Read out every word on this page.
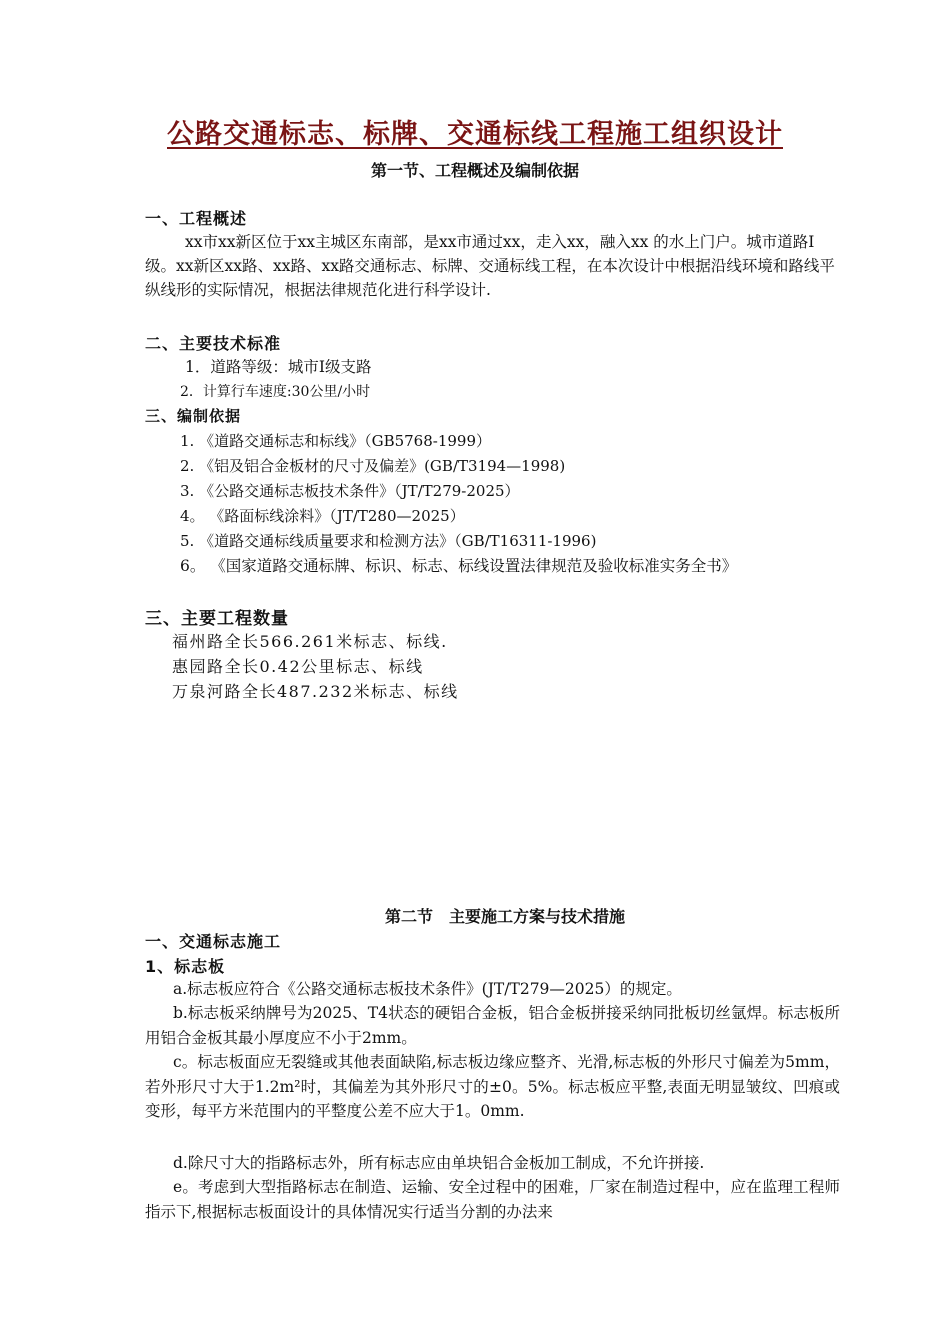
公路交通标志、标牌、交通标线工程施工组织设计
第一节、工程概述及编制依据
一、工程概述
xx市xx新区位于xx主城区东南部，是xx市通过xx，走入xx，融入xx 的水上门户。城市道路Ⅰ级。xx新区xx路、xx路、xx路交通标志、标牌、交通标线工程，在本次设计中根据沿线环境和路线平纵线形的实际情况，根据法律规范化进行科学设计.
二、主要技术标准
1．道路等级：城市Ⅰ级支路
2．计算行车速度:30公里/小时
三、编制依据
1. 《道路交通标志和标线》（GB5768-1999）
2. 《铝及铝合金板材的尺寸及偏差》(GB/T3194—1998)
3. 《公路交通标志板技术条件》（JT/T279-2025）
4。 《路面标线涂料》（JT/T280—2025）
5. 《道路交通标线质量要求和检测方法》（GB/T16311-1996)
6。 《国家道路交通标牌、标识、标志、标线设置法律规范及验收标准实务全书》
三、主要工程数量
福州路全长566.261米标志、标线.
惠园路全长0.42公里标志、标线
万泉河路全长487.232米标志、标线
第二节　主要施工方案与技术措施
一、交通标志施工
1、标志板
a.标志板应符合《公路交通标志板技术条件》(JT/T279—2025）的规定。
b.标志板采纳牌号为2025、T4状态的硬铝合金板，铝合金板拼接采纳同批板切丝氩焊。标志板所用铝合金板其最小厚度应不小于2mm。
c。标志板面应无裂缝或其他表面缺陷,标志板边缘应整齐、光滑,标志板的外形尺寸偏差为5mm，若外形尺寸大于1.2m²时，其偏差为其外形尺寸的±0。5%。标志板应平整,表面无明显皱纹、凹痕或变形，每平方米范围内的平整度公差不应大于1。0mm.
d.除尺寸大的指路标志外，所有标志应由单块铝合金板加工制成，不允许拼接.
e。考虑到大型指路标志在制造、运输、安全过程中的困难，厂家在制造过程中，应在监理工程师指示下,根据标志板面设计的具体情况实行适当分割的办法来
